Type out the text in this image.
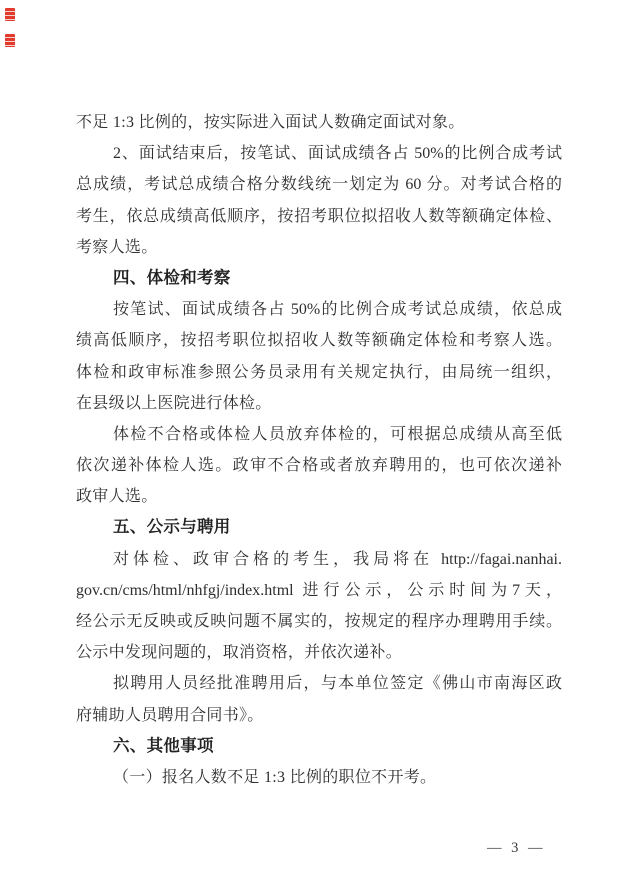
不足 1:3 比例的，按实际进入面试人数确定面试对象。
2、面试结束后，按笔试、面试成绩各占 50%的比例合成考试
总成绩，考试总成绩合格分数线统一划定为 60 分。对考试合格的
考生，依总成绩高低顺序，按招考职位拟招收人数等额确定体检、
考察人选。
四、体检和考察
按笔试、面试成绩各占 50%的比例合成考试总成绩，依总成
绩高低顺序，按招考职位拟招收人数等额确定体检和考察人选。
体检和政审标准参照公务员录用有关规定执行，由局统一组织，
在县级以上医院进行体检。
体检不合格或体检人员放弃体检的，可根据总成绩从高至低
依次递补体检人选。政审不合格或者放弃聘用的，也可依次递补
政审人选。
五、公示与聘用
对体检、政审合格的考生，我局将在 http://fagai.nanhai.
gov.cn/cms/html/nhfgj/index.html 进行公示，公示时间为7天，
经公示无反映或反映问题不属实的，按规定的程序办理聘用手续。
公示中发现问题的，取消资格，并依次递补。
拟聘用人员经批准聘用后，与本单位签定《佛山市南海区政
府辅助人员聘用合同书》。
六、其他事项
（一）报名人数不足 1:3 比例的职位不开考。
— 3 —
